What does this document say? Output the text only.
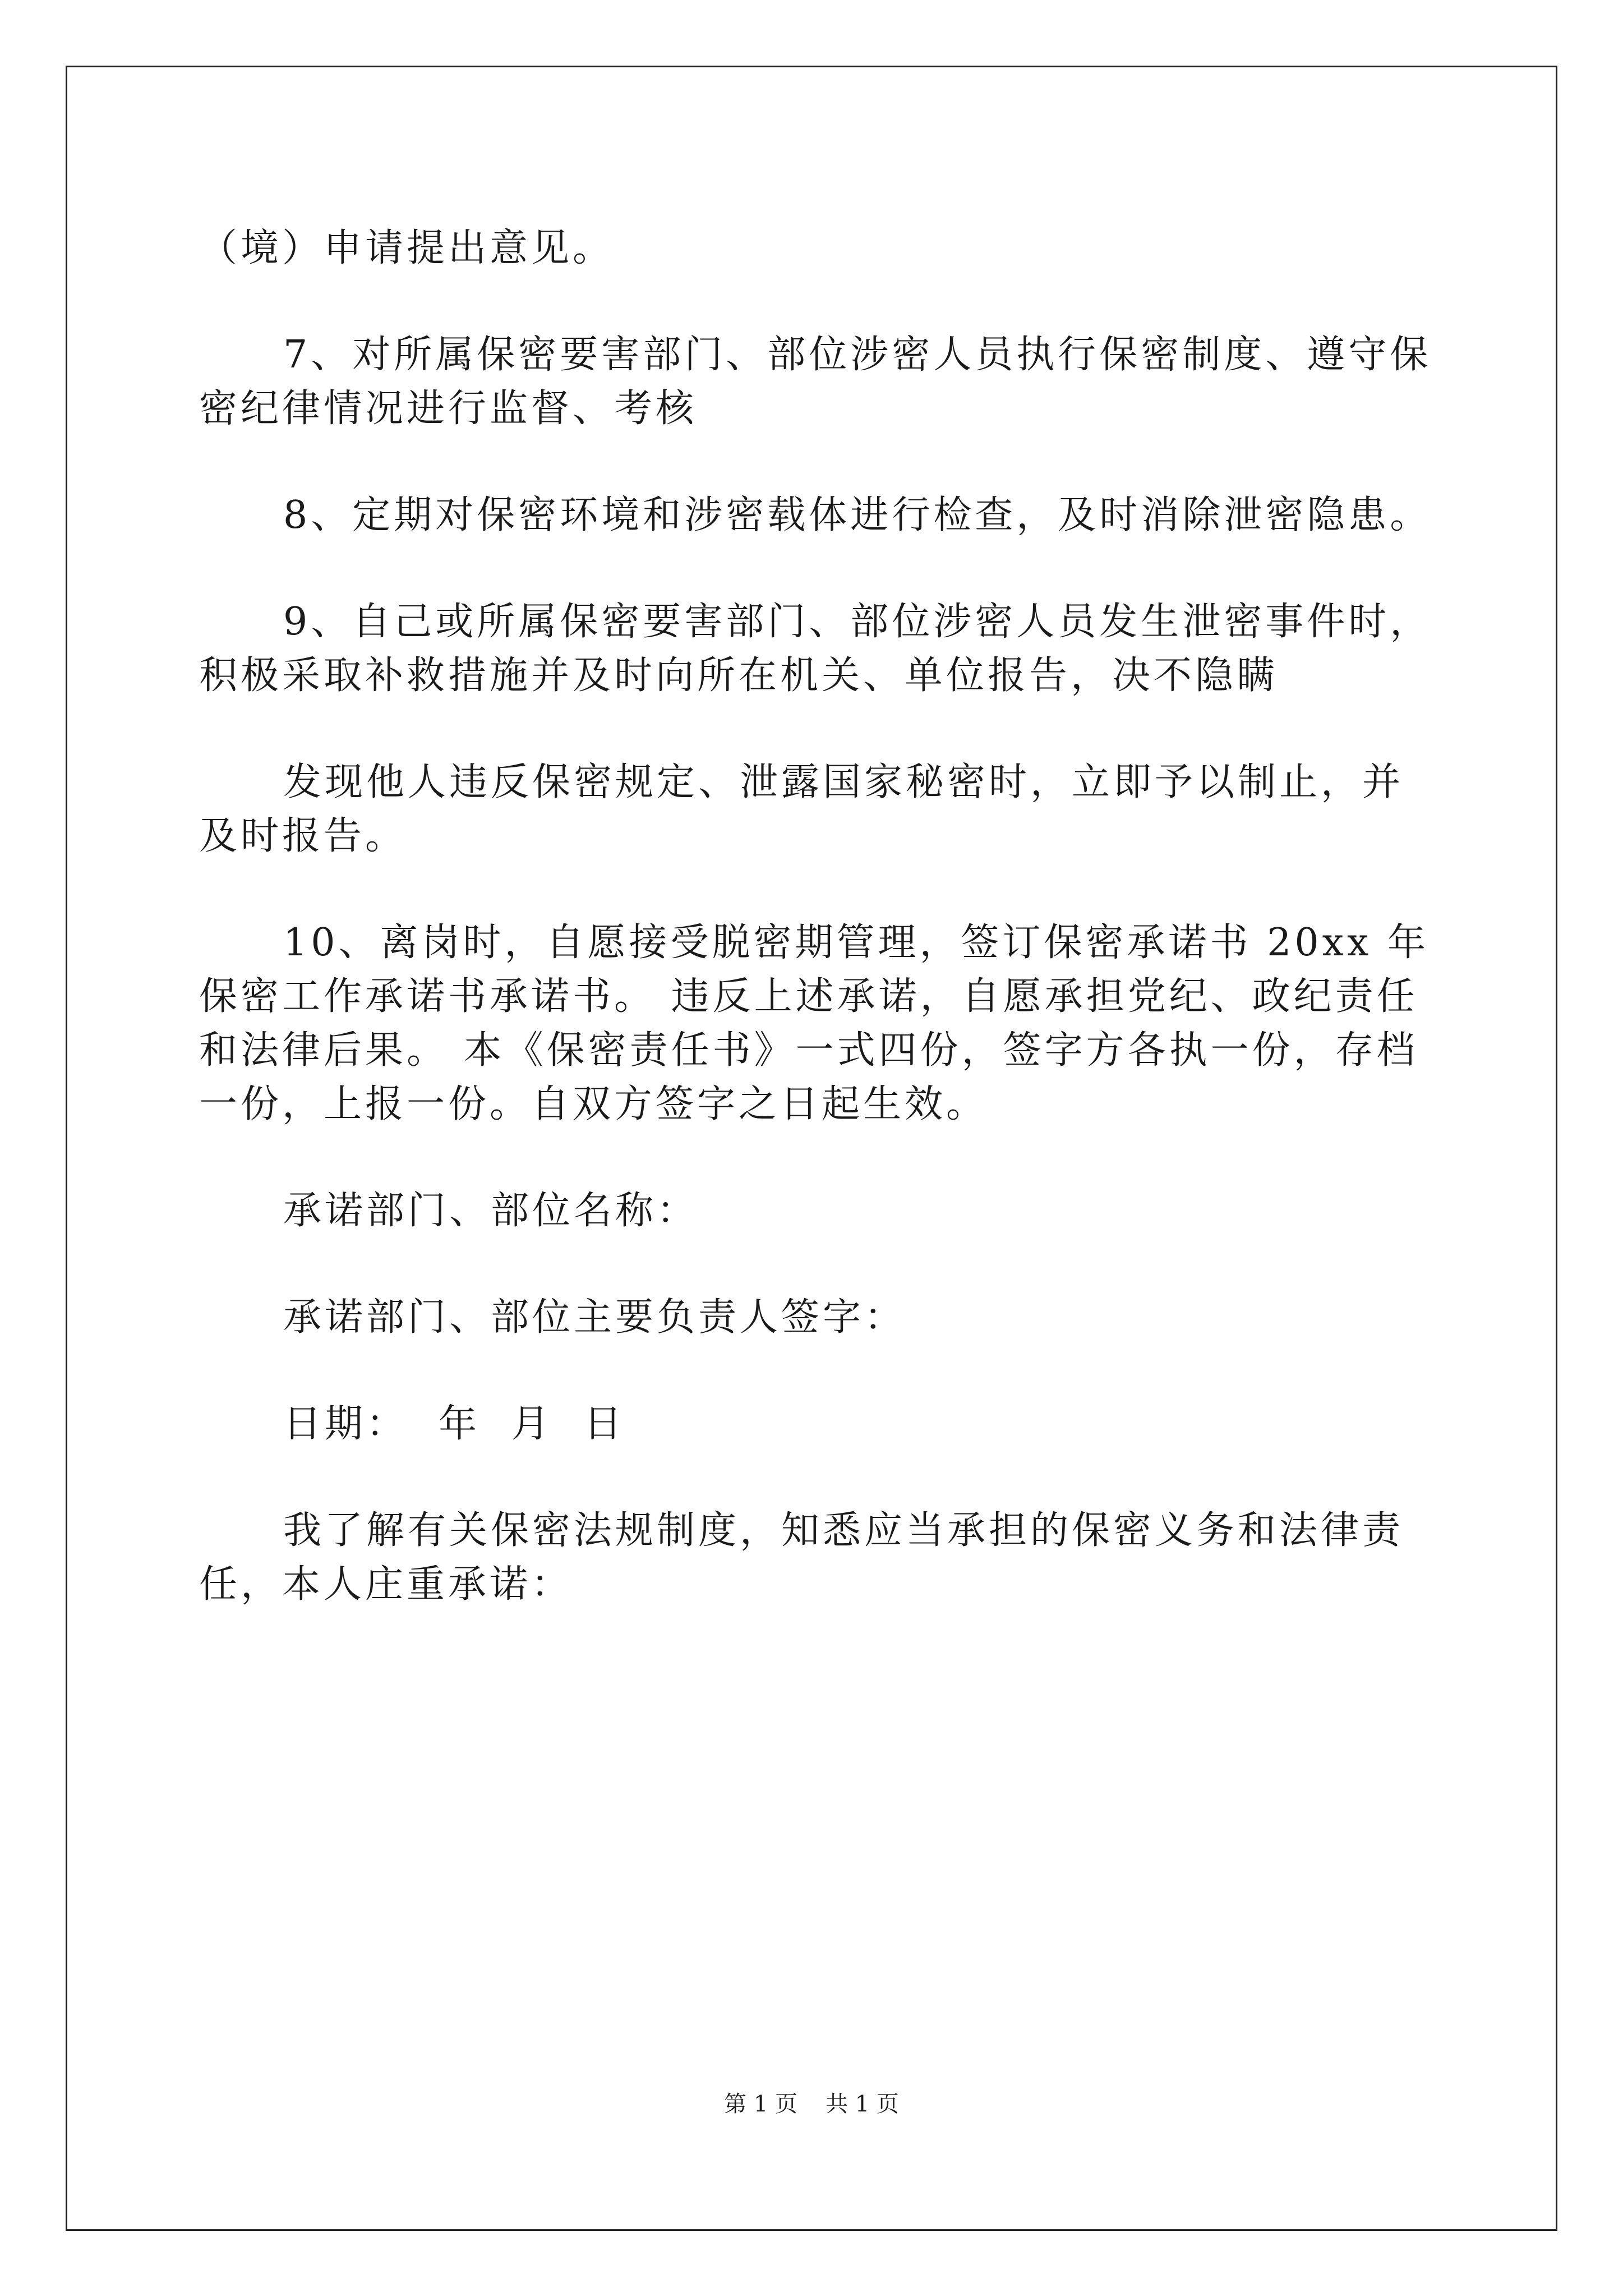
（境）申请提出意见。

7、对所属保密要害部门、部位涉密人员执行保密制度、遵守保密纪律情况进行监督、考核

8、定期对保密环境和涉密载体进行检查，及时消除泄密隐患。

9、自己或所属保密要害部门、部位涉密人员发生泄密事件时，积极采取补救措施并及时向所在机关、单位报告，决不隐瞒

发现他人违反保密规定、泄露国家秘密时，立即予以制止，并及时报告。

10、离岗时，自愿接受脱密期管理，签订保密承诺书 20xx 年保密工作承诺书承诺书。 违反上述承诺，自愿承担党纪、政纪责任和法律后果。 本《保密责任书》一式四份，签字方各执一份，存档一份，上报一份。自双方签字之日起生效。

承诺部门、部位名称：

承诺部门、部位主要负责人签字：

日期：  年  月  日

我了解有关保密法规制度，知悉应当承担的保密义务和法律责任，本人庄重承诺：

第 1 页 共 1 页
